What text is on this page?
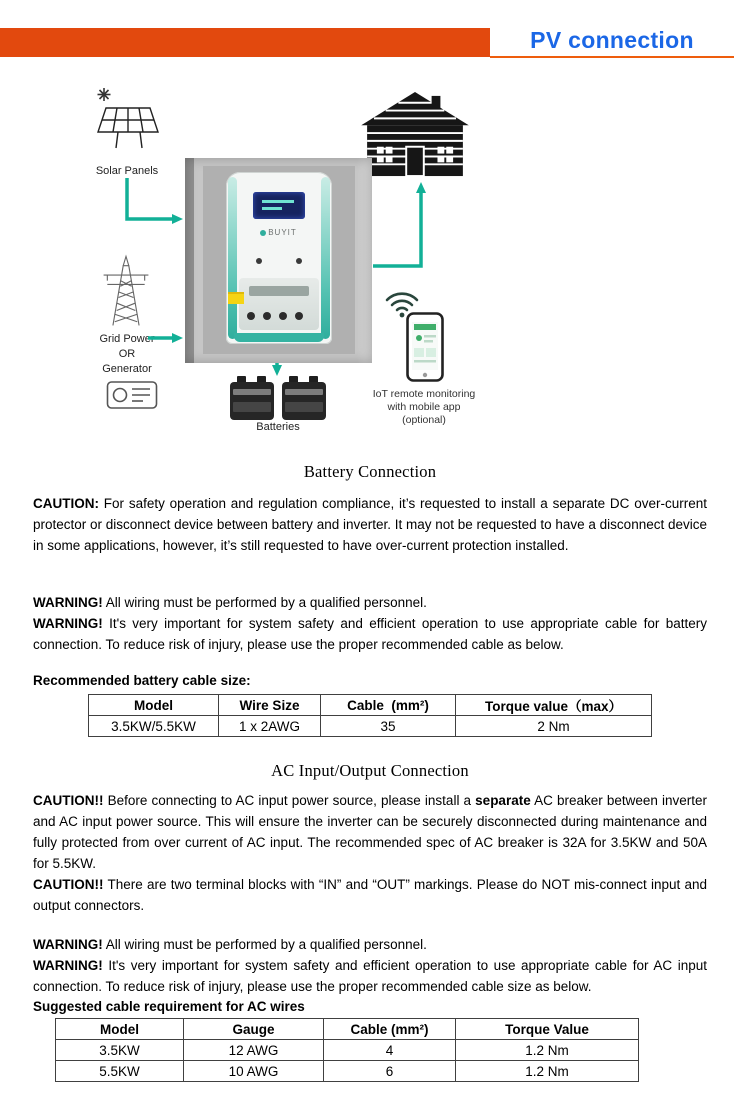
PV connection
Solar Panels
BUYIT
Grid Power
OR
Generator
Batteries
IoT remote monitoring
with mobile app
(optional)
Battery Connection

CAUTION: For safety operation and regulation compliance, it’s requested to install a separate DC over-current protector or disconnect device between battery and inverter. It may not be requested to have a disconnect device in some applications, however, it’s still requested to have over-current protection installed.

WARNING! All wiring must be performed by a qualified personnel.

WARNING! It's very important for system safety and efficient operation to use appropriate cable for battery connection. To reduce risk of injury, please use the proper recommended cable as below.

Recommended battery cable size:

Model	Wire Size	Cable  (mm²)	Torque value（max）
3.5KW/5.5KW	1 x 2AWG	35	2 Nm
AC Input/Output Connection

CAUTION!! Before connecting to AC input power source, please install a separate AC breaker between inverter and AC input power source. This will ensure the inverter can be securely disconnected during maintenance and fully protected from over current of AC input. The recommended spec of AC breaker is 32A for 3.5KW and 50A for 5.5KW.

CAUTION!! There are two terminal blocks with “IN” and “OUT” markings. Please do NOT mis-connect input and output connectors.

WARNING! All wiring must be performed by a qualified personnel.

WARNING! It's very important for system safety and efficient operation to use appropriate cable for AC input connection. To reduce risk of injury, please use the proper recommended cable size as below.

Suggested cable requirement for AC wires

Model	Gauge	Cable (mm²)	Torque Value
3.5KW	12 AWG	4	1.2 Nm
5.5KW	10 AWG	6	1.2 Nm
